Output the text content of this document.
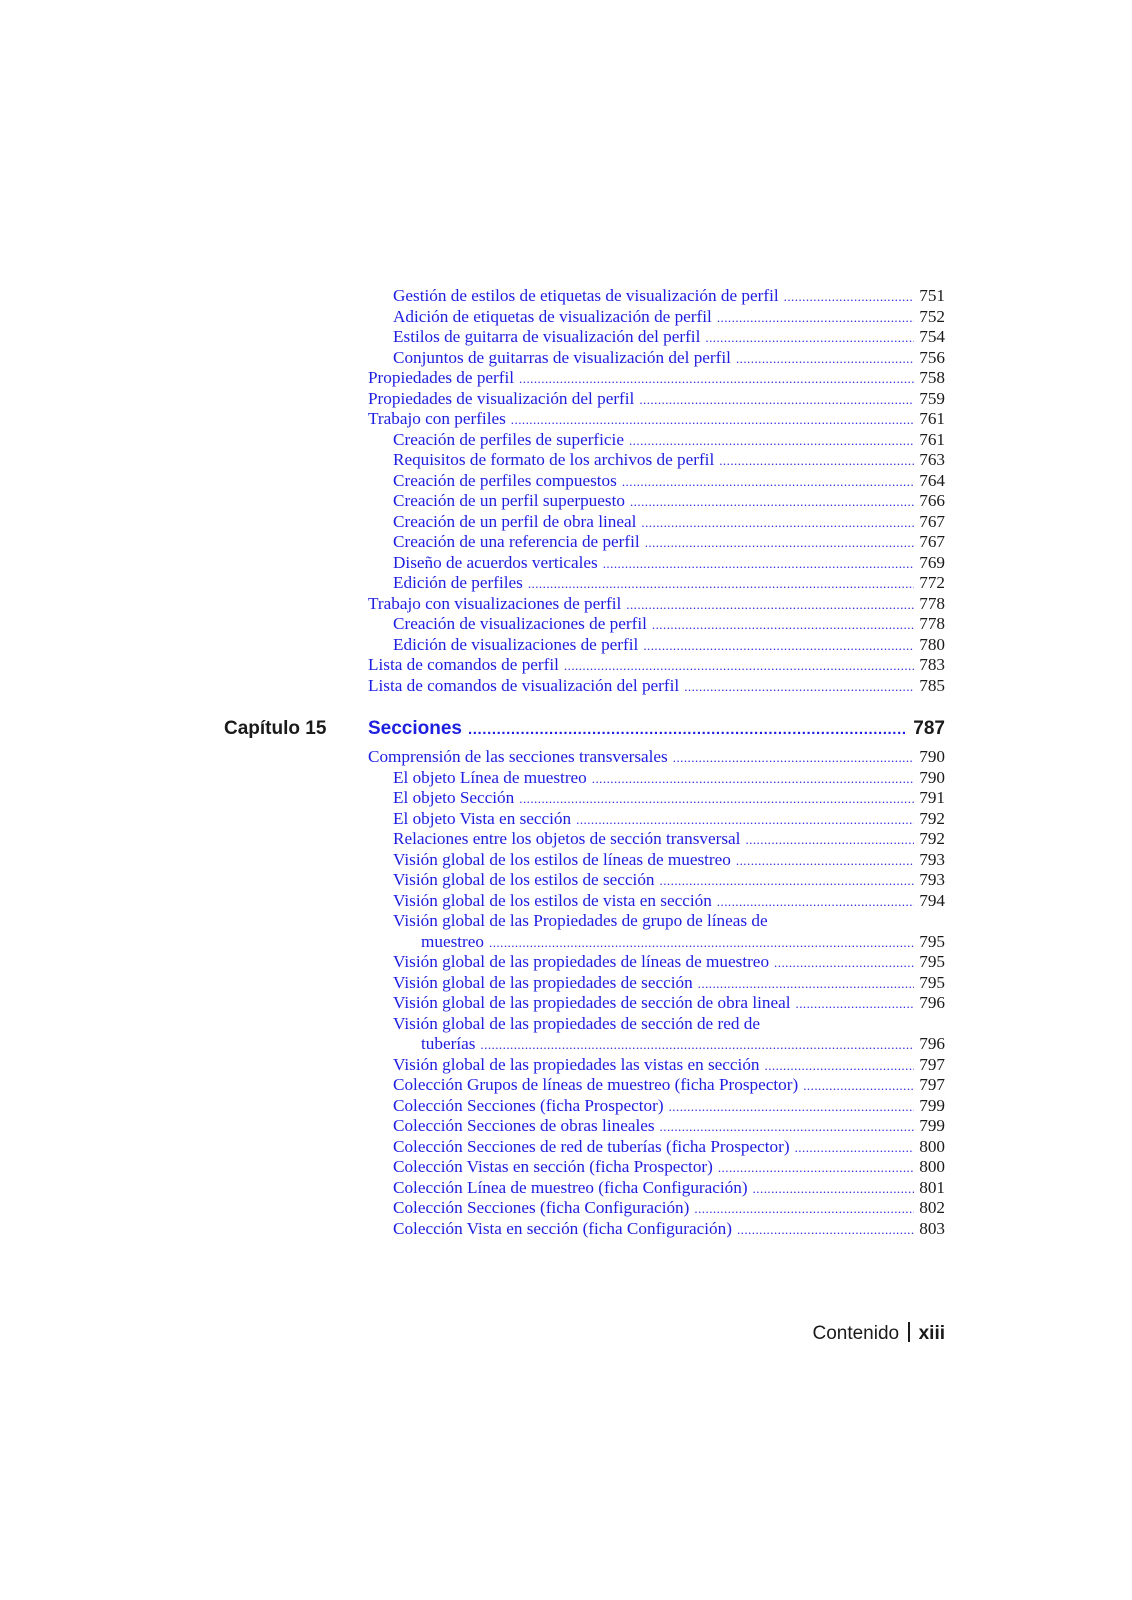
Gestión de estilos de etiquetas de visualización de perfil . . .	751
Adición de etiquetas de visualización de perfil . . .	752
Estilos de guitarra de visualización del perfil . . .	754
Conjuntos de guitarras de visualización del perfil . . .	756
Propiedades de perfil . . .	758
Propiedades de visualización del perfil . . .	759
Trabajo con perfiles . . .	761
Creación de perfiles de superficie . . .	761
Requisitos de formato de los archivos de perfil . . .	763
Creación de perfiles compuestos . . .	764
Creación de un perfil superpuesto . . .	766
Creación de un perfil de obra lineal . . .	767
Creación de una referencia de perfil . . .	767
Diseño de acuerdos verticales . . .	769
Edición de perfiles . . .	772
Trabajo con visualizaciones de perfil . . .	778
Creación de visualizaciones de perfil . . .	778
Edición de visualizaciones de perfil . . .	780
Lista de comandos de perfil . . .	783
Lista de comandos de visualización del perfil . . .	785
Capítulo 15	Secciones .....	787
Comprensión de las secciones transversales . . .	790
El objeto Línea de muestreo . . .	790
El objeto Sección . . .	791
El objeto Vista en sección . . .	792
Relaciones entre los objetos de sección transversal . . .	792
Visión global de los estilos de líneas de muestreo . . .	793
Visión global de los estilos de sección . . .	793
Visión global de los estilos de vista en sección . . .	794
Visión global de las Propiedades de grupo de líneas de
muestreo . . .	795
Visión global de las propiedades de líneas de muestreo . . .	795
Visión global de las propiedades de sección . . .	795
Visión global de las propiedades de sección de obra lineal . . .	796
Visión global de las propiedades de sección de red de
tuberías . . .	796
Visión global de las propiedades las vistas en sección . . .	797
Colección Grupos de líneas de muestreo (ficha Prospector) . . .	797
Colección Secciones (ficha Prospector) . . .	799
Colección Secciones de obras lineales . . .	799
Colección Secciones de red de tuberías (ficha Prospector) . . .	800
Colección Vistas en sección (ficha Prospector) . . .	800
Colección Línea de muestreo (ficha Configuración) . . .	801
Colección Secciones (ficha Configuración) . . .	802
Colección Vista en sección (ficha Configuración) . . .	803
Contenido xiii
